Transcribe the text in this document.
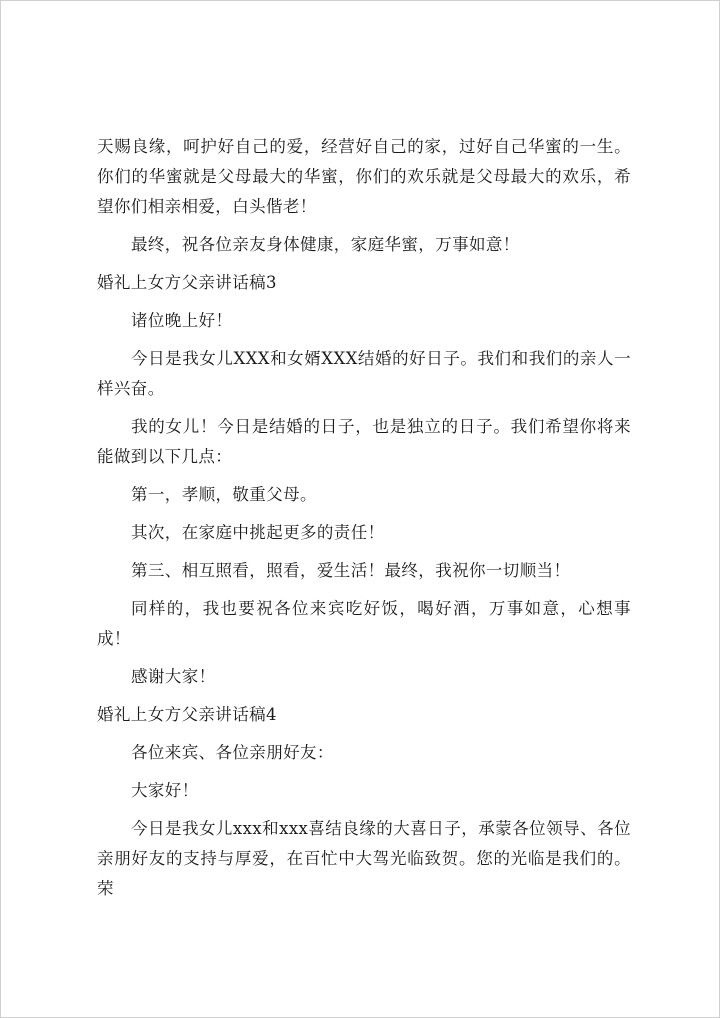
天赐良缘，呵护好自己的爱，经营好自己的家，过好自己华蜜的一生。你们的华蜜就是父母最大的华蜜，你们的欢乐就是父母最大的欢乐，希望你们相亲相爱，白头偕老！

最终，祝各位亲友身体健康，家庭华蜜，万事如意！

婚礼上女方父亲讲话稿3

诸位晚上好！

今日是我女儿XXX和女婿XXX结婚的好日子。我们和我们的亲人一样兴奋。

我的女儿！今日是结婚的日子，也是独立的日子。我们希望你将来能做到以下几点：

第一，孝顺，敬重父母。

其次，在家庭中挑起更多的责任！

第三、相互照看，照看，爱生活！最终，我祝你一切顺当！

同样的，我也要祝各位来宾吃好饭，喝好酒，万事如意，心想事成！

感谢大家！

婚礼上女方父亲讲话稿4

各位来宾、各位亲朋好友：

大家好！

今日是我女儿xxx和xxx喜结良缘的大喜日子，承蒙各位领导、各位亲朋好友的支持与厚爱，在百忙中大驾光临致贺。您的光临是我们的。荣
